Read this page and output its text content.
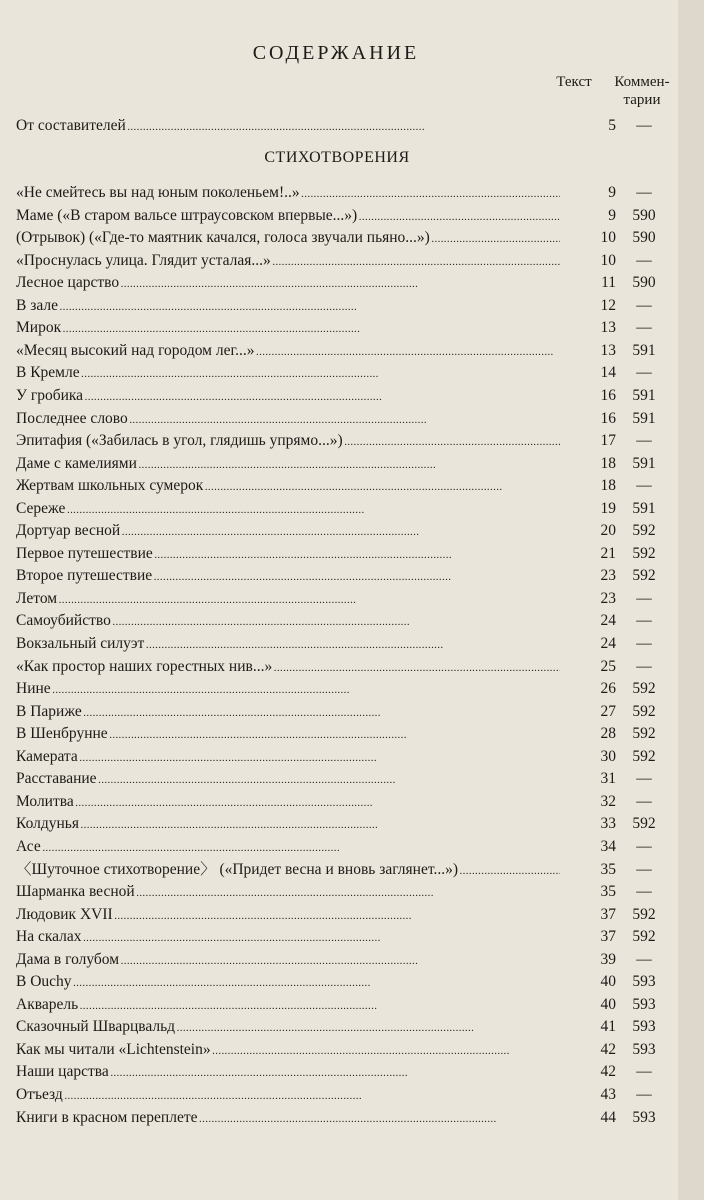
СОДЕРЖАНИЕ
Текст	Коммен-
тарии
От составителей . . .	5	—
СТИХОТВОРЕНИЯ
«Не смейтесь вы над юным поколеньем!..» . . .	9	—
Маме («В старом вальсе штраусовском впервые...») . . .	9	590
(Отрывок) («Где-то маятник качался, голоса звучали пьяно...») . . .	10	590
«Проснулась улица. Глядит усталая...» . . .	10	—
Лесное царство . . .	11	590
В зале . . .	12	—
Мирок . . .	13	—
«Месяц высокий над городом лег...» . . .	13	591
В Кремле . . .	14	—
У гробика . . .	16	591
Последнее слово . . .	16	591
Эпитафия («Забилась в угол, глядишь упрямо...») . . .	17	—
Даме с камелиями . . .	18	591
Жертвам школьных сумерок . . .	18	—
Сереже . . .	19	591
Дортуар весной . . .	20	592
Первое путешествие . . .	21	592
Второе путешествие . . .	23	592
Летом . . .	23	—
Самоубийство . . .	24	—
Вокзальный силуэт . . .	24	—
«Как простор наших горестных нив...» . . .	25	—
Нине . . .	26	592
В Париже . . .	27	592
В Шенбрунне . . .	28	592
Камерата . . .	30	592
Расставание . . .	31	—
Молитва . . .	32	—
Колдунья . . .	33	592
Асе . . .	34	—
〈Шуточное стихотворение〉 («Придет весна и вновь заглянет...») . . .	35	—
Шарманка весной . . .	35	—
Людовик XVII . . .	37	592
На скалах . . .	37	592
Дама в голубом . . .	39	—
В Ouchy . . .	40	593
Акварель . . .	40	593
Сказочный Шварцвальд . . .	41	593
Как мы читали «Lichtenstein» . . .	42	593
Наши царства . . .	42	—
Отъезд . . .	43	—
Книги в красном переплете . . .	44	593
